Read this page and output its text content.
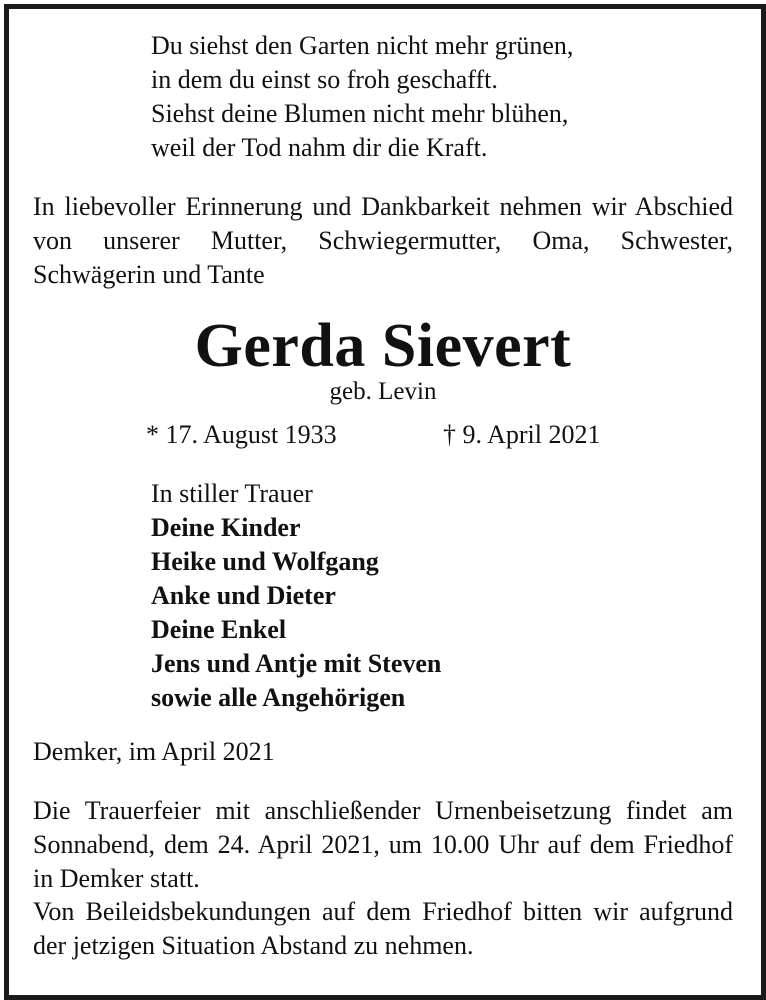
Du siehst den Garten nicht mehr grünen,
in dem du einst so froh geschafft.
Siehst deine Blumen nicht mehr blühen,
weil der Tod nahm dir die Kraft.
In liebevoller Erinnerung und Dankbarkeit nehmen wir Abschied von unserer Mutter, Schwiegermutter, Oma, Schwester, Schwägerin und Tante
Gerda Sievert
geb. Levin
* 17. August 1933	† 9. April 2021
In stiller Trauer
Deine Kinder
Heike und Wolfgang
Anke und Dieter
Deine Enkel
Jens und Antje mit Steven
sowie alle Angehörigen
Demker, im April 2021
Die Trauerfeier mit anschließender Urnenbeisetzung findet am Sonnabend, dem 24. April 2021, um 10.00 Uhr auf dem Friedhof in Demker statt.
Von Beileidsbekundungen auf dem Friedhof bitten wir aufgrund der jetzigen Situation Abstand zu nehmen.
